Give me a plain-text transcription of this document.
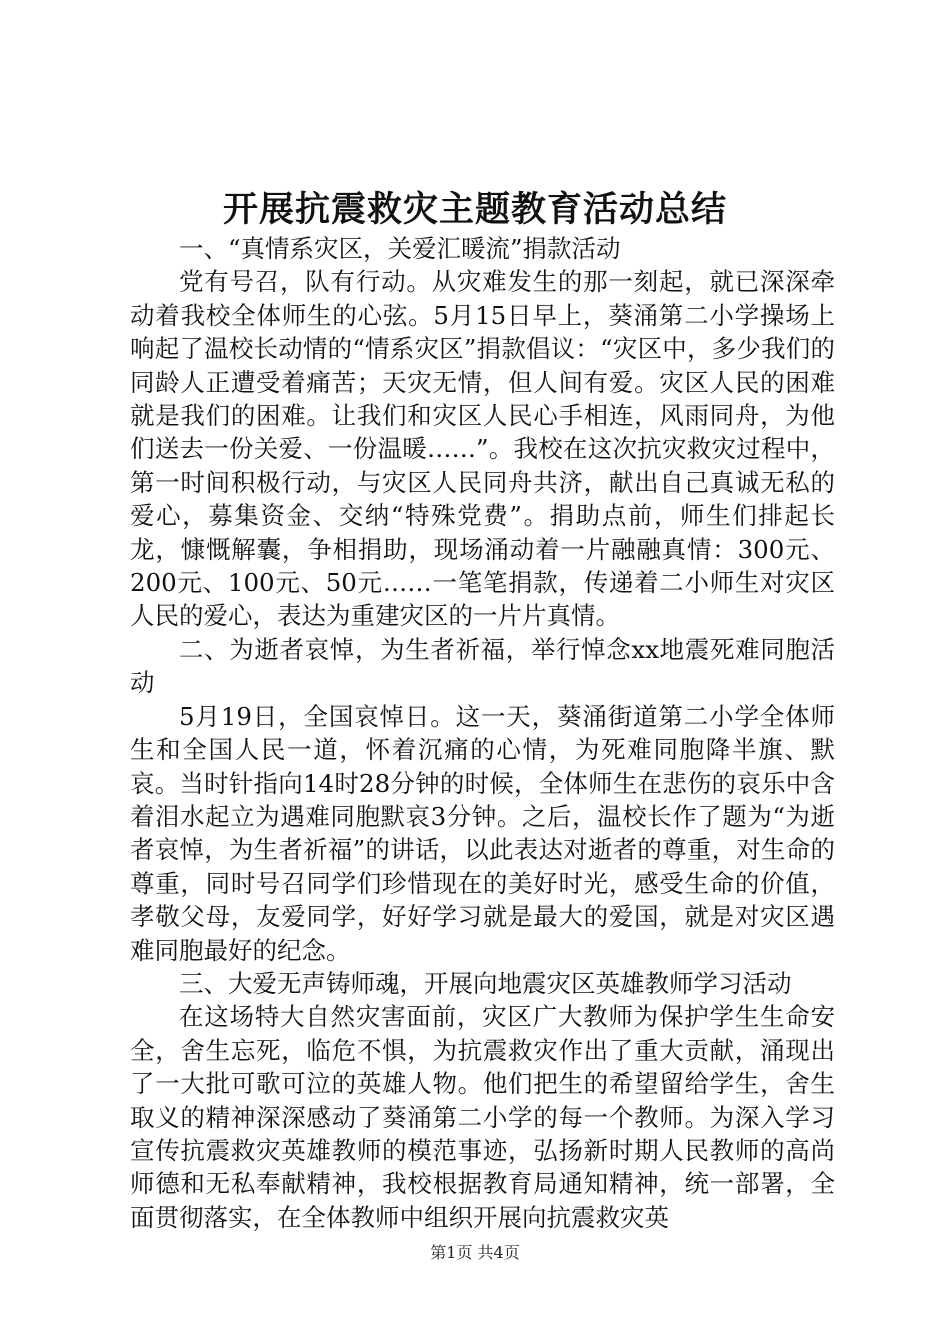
开展抗震救灾主题教育活动总结

一、“真情系灾区，关爱汇暖流”捐款活动

党有号召，队有行动。从灾难发生的那一刻起，就已深深牵动着我校全体师生的心弦。5月15日早上，葵涌第二小学操场上响起了温校长动情的“情系灾区”捐款倡议：“灾区中，多少我们的同龄人正遭受着痛苦；天灾无情，但人间有爱。灾区人民的困难就是我们的困难。让我们和灾区人民心手相连，风雨同舟，为他们送去一份关爱、一份温暖……”。我校在这次抗灾救灾过程中，第一时间积极行动，与灾区人民同舟共济，献出自己真诚无私的爱心，募集资金、交纳“特殊党费”。捐助点前，师生们排起长龙，慷慨解囊，争相捐助，现场涌动着一片融融真情：300元、200元、100元、50元……一笔笔捐款，传递着二小师生对灾区人民的爱心，表达为重建灾区的一片片真情。

二、为逝者哀悼，为生者祈福，举行悼念xx地震死难同胞活动

5月19日，全国哀悼日。这一天，葵涌街道第二小学全体师生和全国人民一道，怀着沉痛的心情，为死难同胞降半旗、默哀。当时针指向14时28分钟的时候，全体师生在悲伤的哀乐中含着泪水起立为遇难同胞默哀3分钟。之后，温校长作了题为“为逝者哀悼，为生者祈福”的讲话，以此表达对逝者的尊重，对生命的尊重，同时号召同学们珍惜现在的美好时光，感受生命的价值，孝敬父母，友爱同学，好好学习就是最大的爱国，就是对灾区遇难同胞最好的纪念。

三、大爱无声铸师魂，开展向地震灾区英雄教师学习活动

在这场特大自然灾害面前，灾区广大教师为保护学生生命安全，舍生忘死，临危不惧，为抗震救灾作出了重大贡献，涌现出了一大批可歌可泣的英雄人物。他们把生的希望留给学生，舍生取义的精神深深感动了葵涌第二小学的每一个教师。为深入学习宣传抗震救灾英雄教师的模范事迹，弘扬新时期人民教师的高尚师德和无私奉献精神，我校根据教育局通知精神，统一部署，全面贯彻落实，在全体教师中组织开展向抗震救灾英

第1页 共4页
